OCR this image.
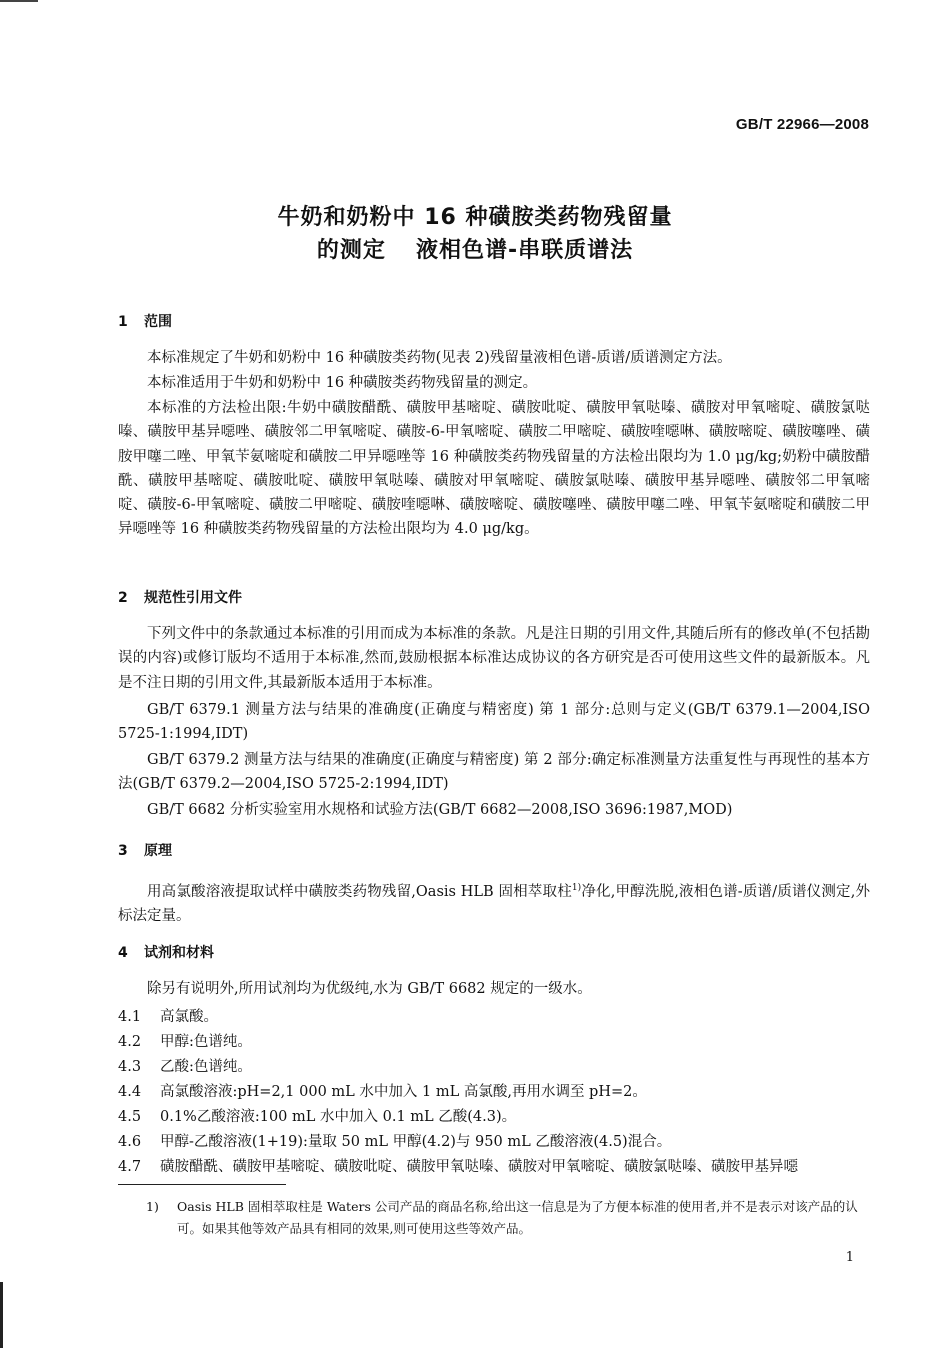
GB/T 22966—2008
牛奶和奶粉中 16 种磺胺类药物残留量
的测定 液相色谱-串联质谱法
1 范围
本标准规定了牛奶和奶粉中 16 种磺胺类药物(见表 2)残留量液相色谱-质谱/质谱测定方法。
本标准适用于牛奶和奶粉中 16 种磺胺类药物残留量的测定。
本标准的方法检出限:牛奶中磺胺醋酰、磺胺甲基嘧啶、磺胺吡啶、磺胺甲氧哒嗪、磺胺对甲氧嘧啶、磺胺氯哒嗪、磺胺甲基异噁唑、磺胺邻二甲氧嘧啶、磺胺-6-甲氧嘧啶、磺胺二甲嘧啶、磺胺喹噁啉、磺胺嘧啶、磺胺噻唑、磺胺甲噻二唑、甲氧苄氨嘧啶和磺胺二甲异噁唑等 16 种磺胺类药物残留量的方法检出限均为 1.0 μg/kg;奶粉中磺胺醋酰、磺胺甲基嘧啶、磺胺吡啶、磺胺甲氧哒嗪、磺胺对甲氧嘧啶、磺胺氯哒嗪、磺胺甲基异噁唑、磺胺邻二甲氧嘧啶、磺胺-6-甲氧嘧啶、磺胺二甲嘧啶、磺胺喹噁啉、磺胺嘧啶、磺胺噻唑、磺胺甲噻二唑、甲氧苄氨嘧啶和磺胺二甲异噁唑等 16 种磺胺类药物残留量的方法检出限均为 4.0 μg/kg。
2 规范性引用文件
下列文件中的条款通过本标准的引用而成为本标准的条款。凡是注日期的引用文件,其随后所有的修改单(不包括勘误的内容)或修订版均不适用于本标准,然而,鼓励根据本标准达成协议的各方研究是否可使用这些文件的最新版本。凡是不注日期的引用文件,其最新版本适用于本标准。
GB/T 6379.1 测量方法与结果的准确度(正确度与精密度) 第 1 部分:总则与定义(GB/T 6379.1—2004,ISO 5725-1:1994,IDT)
GB/T 6379.2 测量方法与结果的准确度(正确度与精密度) 第 2 部分:确定标准测量方法重复性与再现性的基本方法(GB/T 6379.2—2004,ISO 5725-2:1994,IDT)
GB/T 6682 分析实验室用水规格和试验方法(GB/T 6682—2008,ISO 3696:1987,MOD)
3 原理
用高氯酸溶液提取试样中磺胺类药物残留,Oasis HLB 固相萃取柱$^{1)}$净化,甲醇洗脱,液相色谱-质谱/质谱仪测定,外标法定量。
4 试剂和材料
除另有说明外,所用试剂均为优级纯,水为 GB/T 6682 规定的一级水。
4.1 高氯酸。
4.2 甲醇:色谱纯。
4.3 乙酸:色谱纯。
4.4 高氯酸溶液:pH=2,1 000 mL 水中加入 1 mL 高氯酸,再用水调至 pH=2。
4.5 0.1%乙酸溶液:100 mL 水中加入 0.1 mL 乙酸(4.3)。
4.6 甲醇-乙酸溶液(1+19):量取 50 mL 甲醇(4.2)与 950 mL 乙酸溶液(4.5)混合。
4.7 磺胺醋酰、磺胺甲基嘧啶、磺胺吡啶、磺胺甲氧哒嗪、磺胺对甲氧嘧啶、磺胺氯哒嗪、磺胺甲基异噁
1)	Oasis HLB 固相萃取柱是 Waters 公司产品的商品名称,给出这一信息是为了方便本标准的使用者,并不是表示对该产品的认可。如果其他等效产品具有相同的效果,则可使用这些等效产品。
1
